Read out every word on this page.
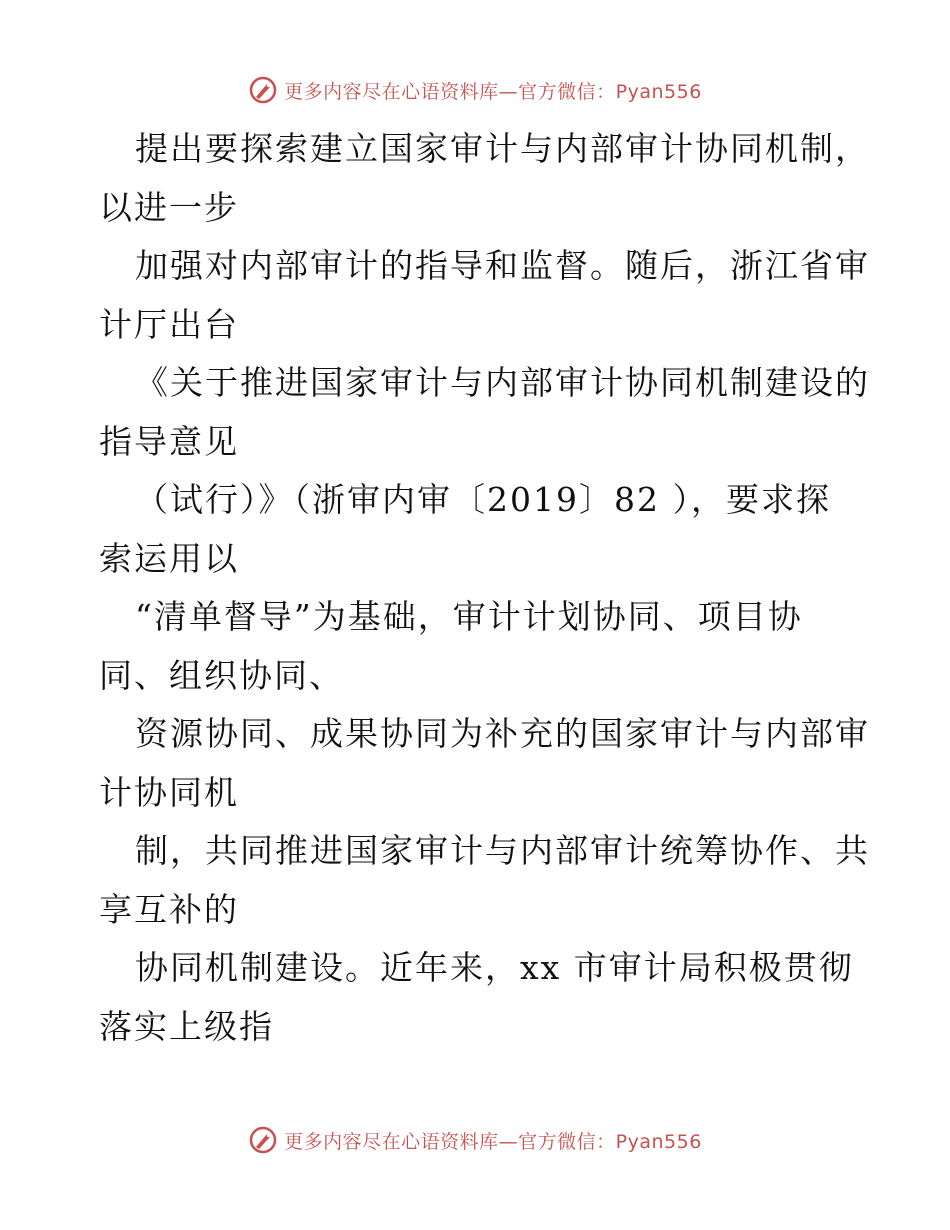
更多内容尽在心语资料库—官方微信：Pyan556
提出要探索建立国家审计与内部审计协同机制，
以进一步
加强对内部审计的指导和监督。随后，浙江省审
计厅出台
《关于推进国家审计与内部审计协同机制建设的
指导意见
（试行）》（浙审内审〔2019〕82 ），要求探
索运用以
“清单督导”为基础，审计计划协同、项目协
同、组织协同、
资源协同、成果协同为补充的国家审计与内部审
计协同机
制，共同推进国家审计与内部审计统筹协作、共
享互补的
协同机制建设。近年来，xx 市审计局积极贯彻
落实上级指
更多内容尽在心语资料库—官方微信：Pyan556
